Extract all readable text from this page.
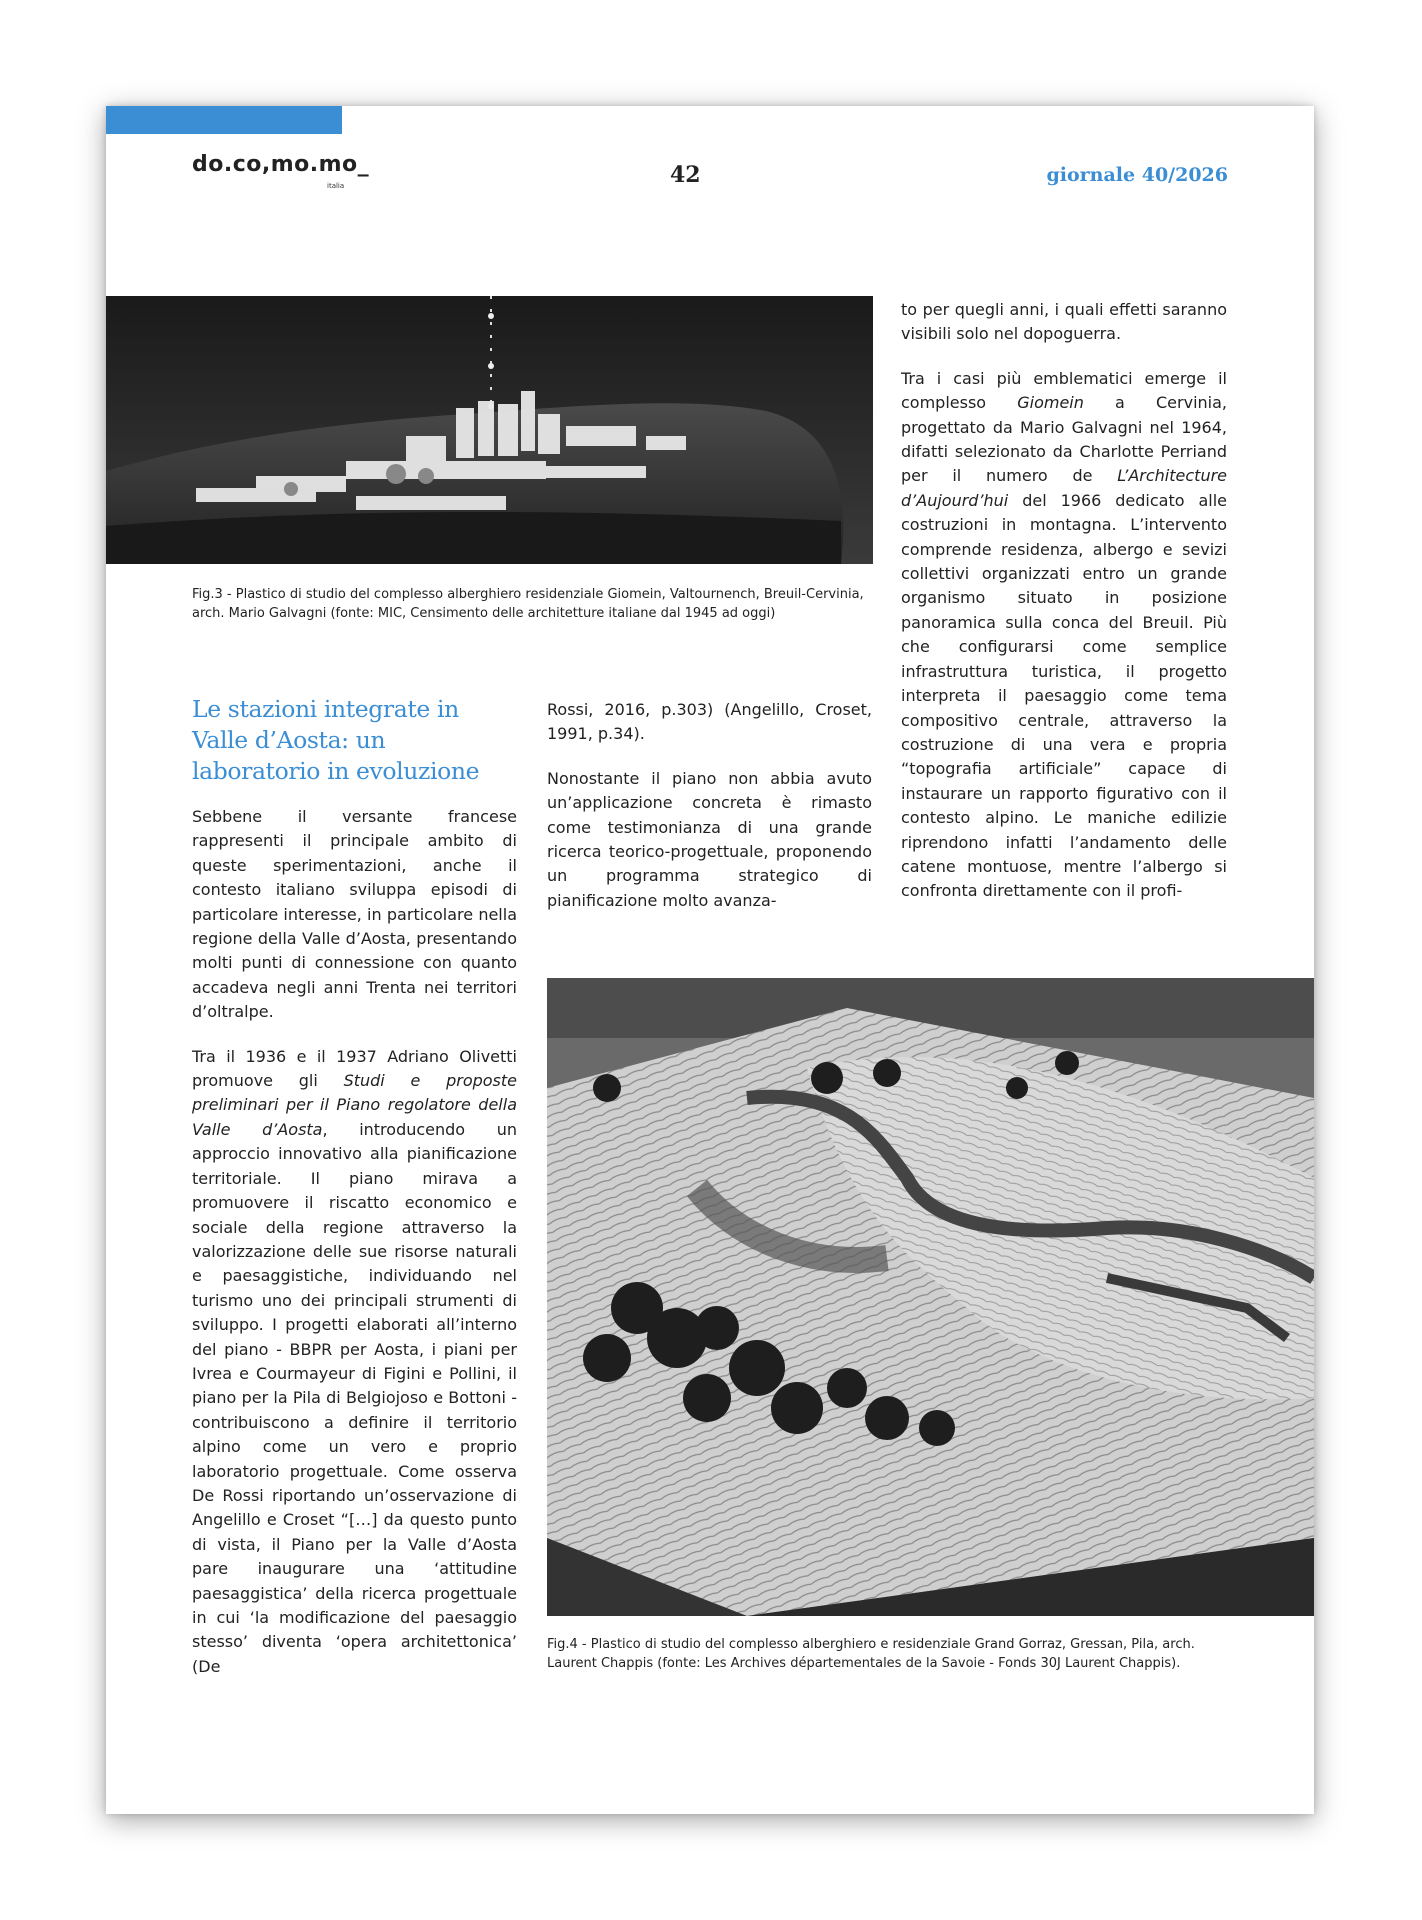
do.co,mo.mo_
italia	42	giornale 40/2026
Fig.3 - Plastico di studio del complesso alberghiero residenziale Giomein, Valtournench, Breuil-Cervinia, arch. Mario Galvagni (fonte: MIC, Censimento delle architetture italiane dal 1945 ad oggi)
Le stazioni integrate in Valle d’Aosta: un laboratorio in evoluzione

Sebbene il versante francese rappresenti il principale ambito di queste sperimentazioni, anche il contesto italiano sviluppa episodi di particolare interesse, in particolare nella regione della Valle d’Aosta, presentando molti punti di connessione con quanto accadeva negli anni Trenta nei territori d’oltralpe.

Tra il 1936 e il 1937 Adriano Olivetti promuove gli Studi e proposte preliminari per il Piano regolatore della Valle d’Aosta, introducendo un approccio innovativo alla pianificazione territoriale. Il piano mirava a promuovere il riscatto economico e sociale della regione attraverso la valorizzazione delle sue risorse naturali e paesaggistiche, individuando nel turismo uno dei principali strumenti di sviluppo. I progetti elaborati all’interno del piano - BBPR per Aosta, i piani per Ivrea e Courmayeur di Figini e Pollini, il piano per la Pila di Belgiojoso e Bottoni - contribuiscono a definire il territorio alpino come un vero e proprio laboratorio progettuale. Come osserva De Rossi riportando un’osservazione di Angelillo e Croset “[…] da questo punto di vista, il Piano per la Valle d’Aosta pare inaugurare una ‘attitudine paesaggistica’ della ricerca progettuale in cui ‘la modificazione del paesaggio stesso’ diventa ‘opera architettonica’ (De

Rossi, 2016, p.303) (Angelillo, Croset, 1991, p.34).

Nonostante il piano non abbia avuto un’applicazione concreta è rimasto come testimonianza di una grande ricerca teorico-progettuale, proponendo un programma strategico di pianificazione molto avanza-

to per quegli anni, i quali effetti saranno visibili solo nel dopoguerra.

Tra i casi più emblematici emerge il complesso Giomein a Cervinia, progettato da Mario Galvagni nel 1964, difatti selezionato da Charlotte Perriand per il numero de L’Architecture d’Aujourd’hui del 1966 dedicato alle costruzioni in montagna. L’intervento comprende residenza, albergo e sevizi collettivi organizzati entro un grande organismo situato in posizione panoramica sulla conca del Breuil. Più che configurarsi come semplice infrastruttura turistica, il progetto interpreta il paesaggio come tema compositivo centrale, attraverso la costruzione di una vera e propria “topografia artificiale” capace di instaurare un rapporto figurativo con il contesto alpino. Le maniche edilizie riprendono infatti l’andamento delle catene montuose, mentre l’albergo si confronta direttamente con il profi-

Fig.4 - Plastico di studio del complesso alberghiero e residenziale Grand Gorraz, Gressan, Pila, arch. Laurent Chappis (fonte: Les Archives départementales de la Savoie - Fonds 30J Laurent Chappis).
